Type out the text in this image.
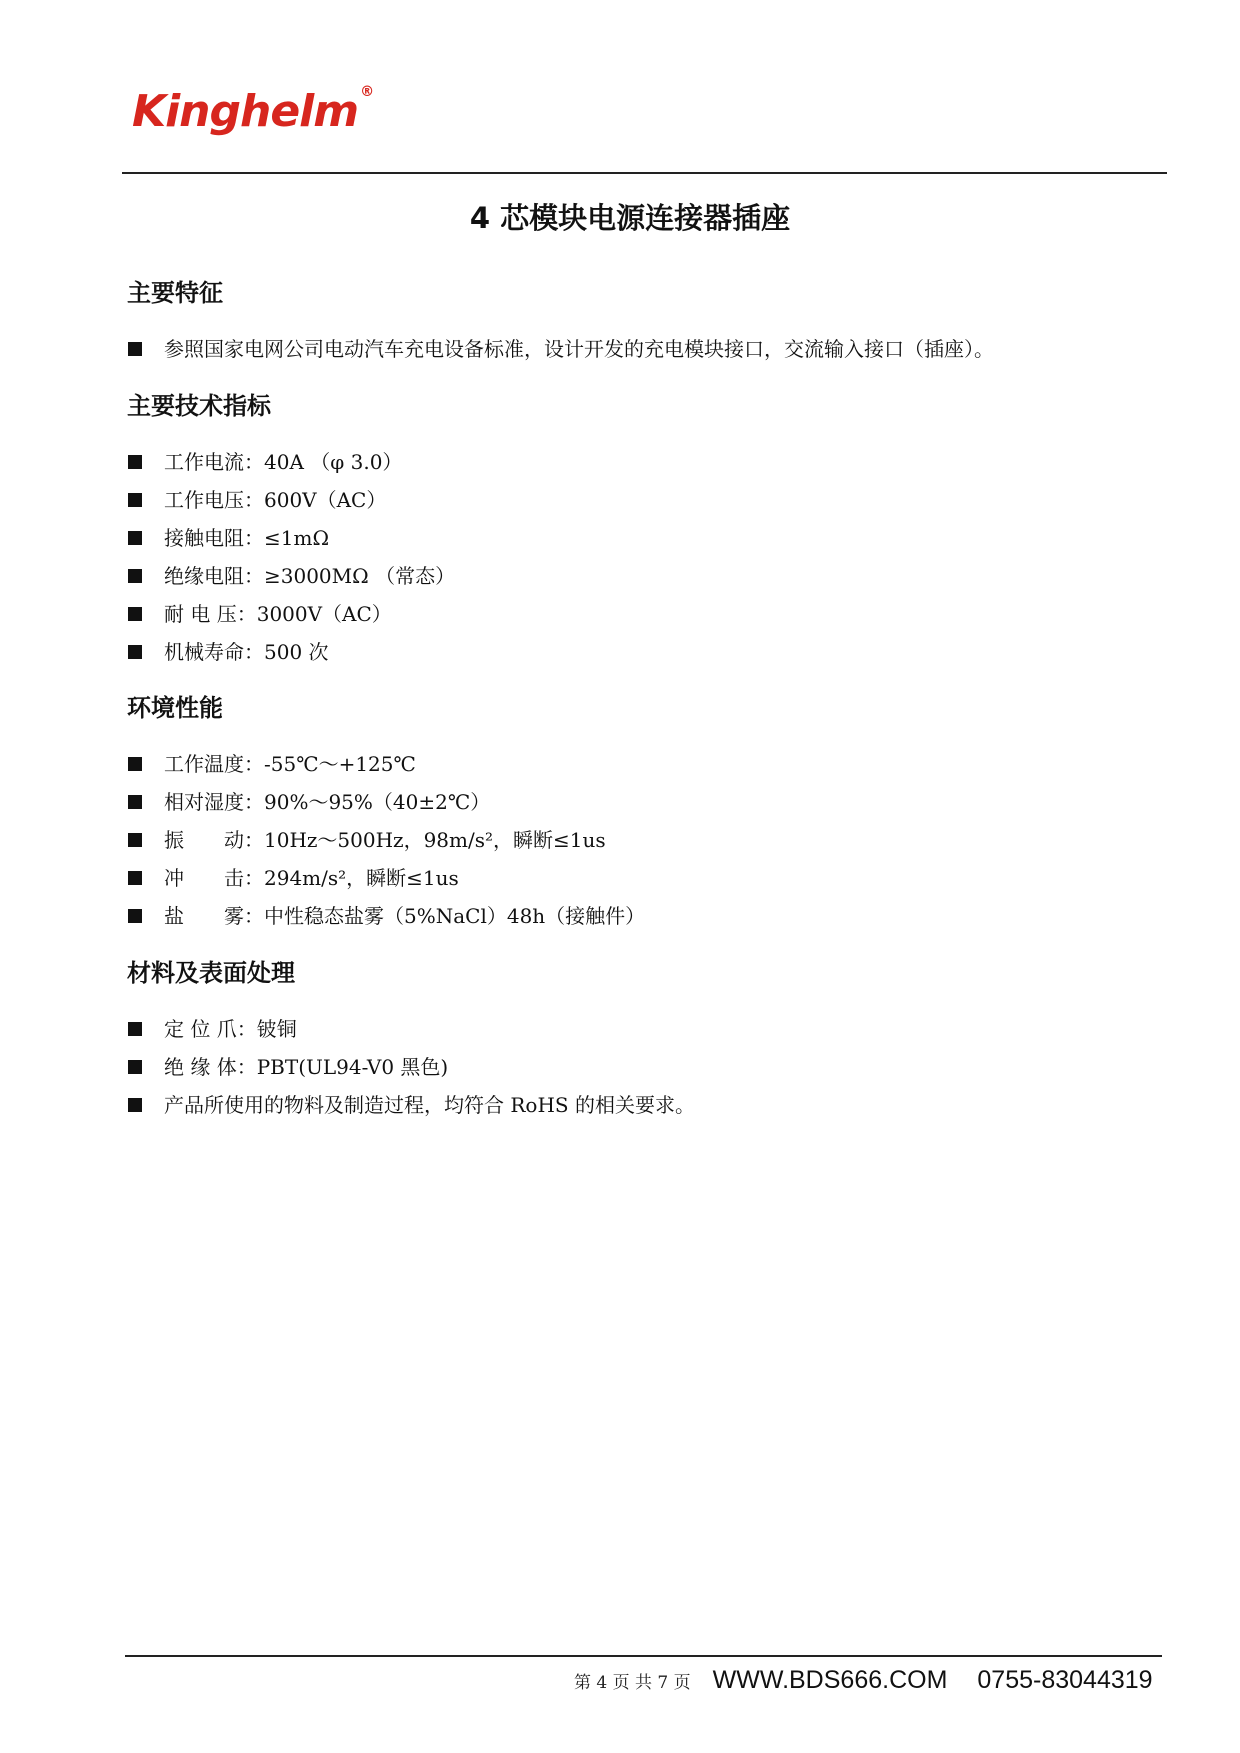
Kinghelm ®
4 芯模块电源连接器插座
主要特征
参照国家电网公司电动汽车充电设备标准，设计开发的充电模块接口，交流输入接口（插座）。
主要技术指标
工作电流：40A （φ 3.0）
工作电压：600V（AC）
接触电阻：≤1mΩ
绝缘电阻：≥3000MΩ （常态）
耐 电 压：3000V（AC）
机械寿命：500 次
环境性能
工作温度：-55℃～+125℃
相对湿度：90%～95%（40±2℃）
振　　动：10Hz～500Hz，98m/s²，瞬断≤1us
冲　　击：294m/s²，瞬断≤1us
盐　　雾：中性稳态盐雾（5%NaCl）48h（接触件）
材料及表面处理
定 位 爪：铍铜
绝 缘 体：PBT(UL94-V0 黑色)
产品所使用的物料及制造过程，均符合 RoHS 的相关要求。
第 4 页 共 7 页 WWW.BDS666.COM 0755-83044319
